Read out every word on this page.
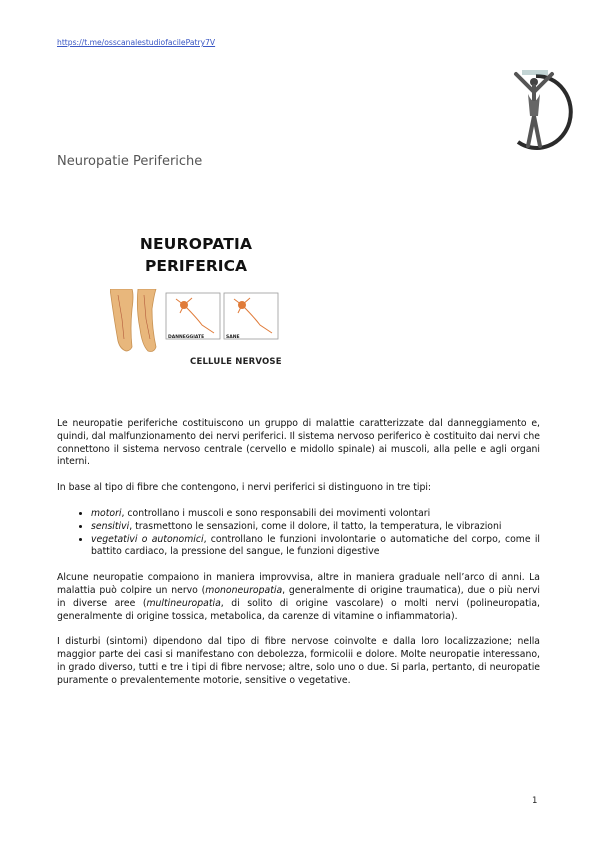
https://t.me/osscanalestudiofacilePatry7V
Neuropatie Periferiche
NEUROPATIA
PERIFERICA
DANNEGGIATE	SANE
CELLULE NERVOSE

Le neuropatie periferiche costituiscono un gruppo di malattie caratterizzate dal danneggiamento e, quindi, dal malfunzionamento dei nervi periferici. Il sistema nervoso periferico è costituito dai nervi che connettono il sistema nervoso centrale (cervello e midollo spinale) ai muscoli, alla pelle e agli organi interni.

In base al tipo di fibre che contengono, i nervi periferici si distinguono in tre tipi:

• motori, controllano i muscoli e sono responsabili dei movimenti volontari
• sensitivi, trasmettono le sensazioni, come il dolore, il tatto, la temperatura, le vibrazioni
• vegetativi o autonomici, controllano le funzioni involontarie o automatiche del corpo, come il battito cardiaco, la pressione del sangue, le funzioni digestive

Alcune neuropatie compaiono in maniera improvvisa, altre in maniera graduale nell’arco di anni. La malattia può colpire un nervo (mononeuropatia, generalmente di origine traumatica), due o più nervi in diverse aree (multineuropatia, di solito di origine vascolare) o molti nervi (polineuropatia, generalmente di origine tossica, metabolica, da carenze di vitamine o infiammatoria).

I disturbi (sintomi) dipendono dal tipo di fibre nervose coinvolte e dalla loro localizzazione; nella maggior parte dei casi si manifestano con debolezza, formicolii e dolore. Molte neuropatie interessano, in grado diverso, tutti e tre i tipi di fibre nervose; altre, solo uno o due. Si parla, pertanto, di neuropatie puramente o prevalentemente motorie, sensitive o vegetative.

1
